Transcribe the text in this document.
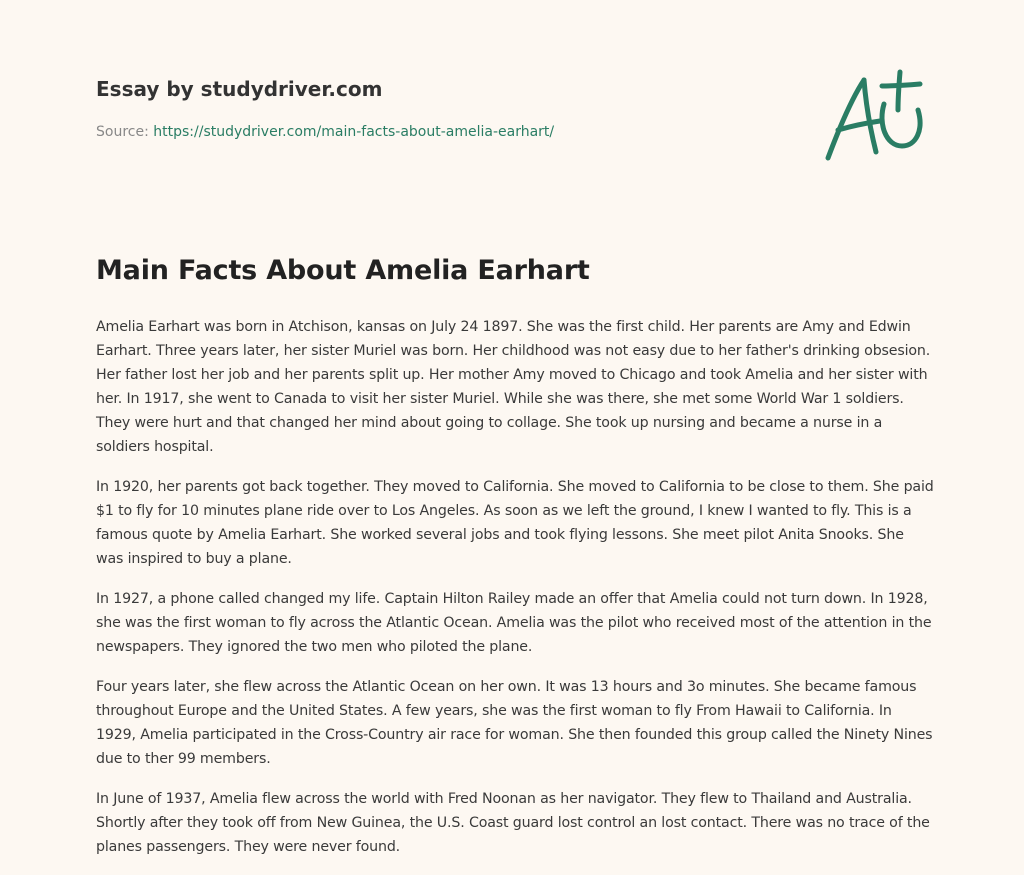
Essay by studydriver.com

Source: https://studydriver.com/main-facts-about-amelia-earhart/

Main Facts About Amelia Earhart

Amelia Earhart was born in Atchison, kansas on July 24 1897. She was the first child. Her parents are Amy and Edwin Earhart. Three years later, her sister Muriel was born. Her childhood was not easy due to her father's drinking obsesion. Her father lost her job and her parents split up. Her mother Amy moved to Chicago and took Amelia and her sister with her. In 1917, she went to Canada to visit her sister Muriel. While she was there, she met some World War 1 soldiers. They were hurt and that changed her mind about going to collage. She took up nursing and became a nurse in a soldiers hospital.

In 1920, her parents got back together. They moved to California. She moved to California to be close to them. She paid $1 to fly for 10 minutes plane ride over to Los Angeles. As soon as we left the ground, I knew I wanted to fly. This is a famous quote by Amelia Earhart. She worked several jobs and took flying lessons. She meet pilot Anita Snooks. She was inspired to buy a plane.

In 1927, a phone called changed my life. Captain Hilton Railey made an offer that Amelia could not turn down. In 1928, she was the first woman to fly across the Atlantic Ocean. Amelia was the pilot who received most of the attention in the newspapers. They ignored the two men who piloted the plane.

Four years later, she flew across the Atlantic Ocean on her own. It was 13 hours and 3o minutes. She became famous throughout Europe and the United States. A few years, she was the first woman to fly From Hawaii to California. In 1929, Amelia participated in the Cross-Country air race for woman. She then founded this group called the Ninety Nines due to ther 99 members.

In June of 1937, Amelia flew across the world with Fred Noonan as her navigator. They flew to Thailand and Australia. Shortly after they took off from New Guinea, the U.S. Coast guard lost control an lost contact. There was no trace of the planes passengers. They were never found.
